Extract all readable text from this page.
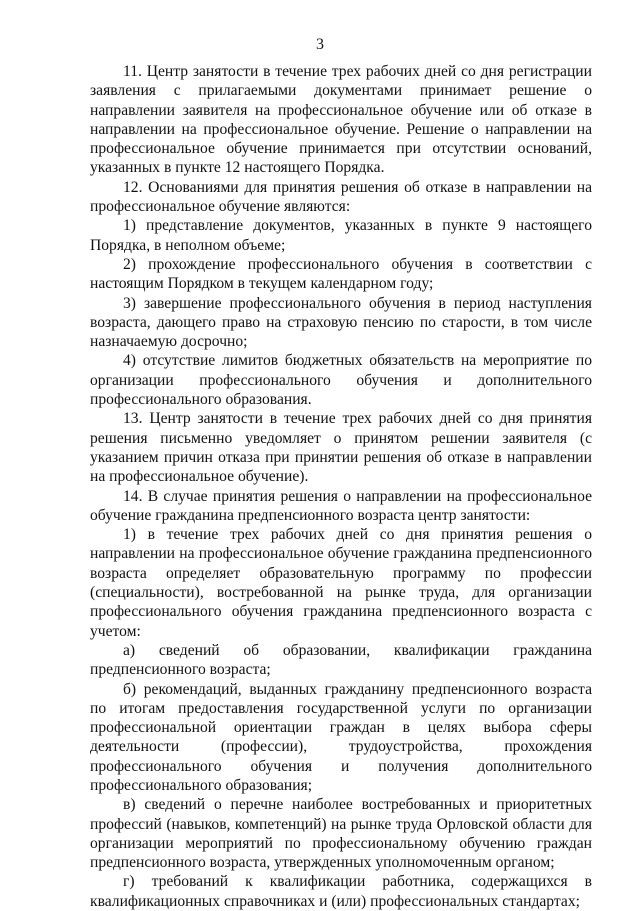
3

11. Центр занятости в течение трех рабочих дней со дня регистрации заявления с прилагаемыми документами принимает решение о направлении заявителя на профессиональное обучение или об отказе в направлении на профессиональное обучение. Решение о направлении на профессиональное обучение принимается при отсутствии оснований, указанных в пункте 12 настоящего Порядка.

12. Основаниями для принятия решения об отказе в направлении на профессиональное обучение являются:

1) представление документов, указанных в пункте 9 настоящего Порядка, в неполном объеме;

2) прохождение профессионального обучения в соответствии с настоящим Порядком в текущем календарном году;

3) завершение профессионального обучения в период наступления возраста, дающего право на страховую пенсию по старости, в том числе назначаемую досрочно;

4) отсутствие лимитов бюджетных обязательств на мероприятие по организации профессионального обучения и дополнительного профессионального образования.

13. Центр занятости в течение трех рабочих дней со дня принятия решения письменно уведомляет о принятом решении заявителя (с указанием причин отказа при принятии решения об отказе в направлении на профессиональное обучение).

14. В случае принятия решения о направлении на профессиональное обучение гражданина предпенсионного возраста центр занятости:

1) в течение трех рабочих дней со дня принятия решения о направлении на профессиональное обучение гражданина предпенсионного возраста определяет образовательную программу по профессии (специальности), востребованной на рынке труда, для организации профессионального обучения гражданина предпенсионного возраста с учетом:

а) сведений об образовании, квалификации гражданина предпенсионного возраста;

б) рекомендаций, выданных гражданину предпенсионного возраста по итогам предоставления государственной услуги по организации профессиональной ориентации граждан в целях выбора сферы деятельности (профессии), трудоустройства, прохождения профессионального обучения и получения дополнительного профессионального образования;

в) сведений о перечне наиболее востребованных и приоритетных профессий (навыков, компетенций) на рынке труда Орловской области для организации мероприятий по профессиональному обучению граждан предпенсионного возраста, утвержденных уполномоченным органом;

г) требований к квалификации работника, содержащихся в квалификационных справочниках и (или) профессиональных стандартах;
